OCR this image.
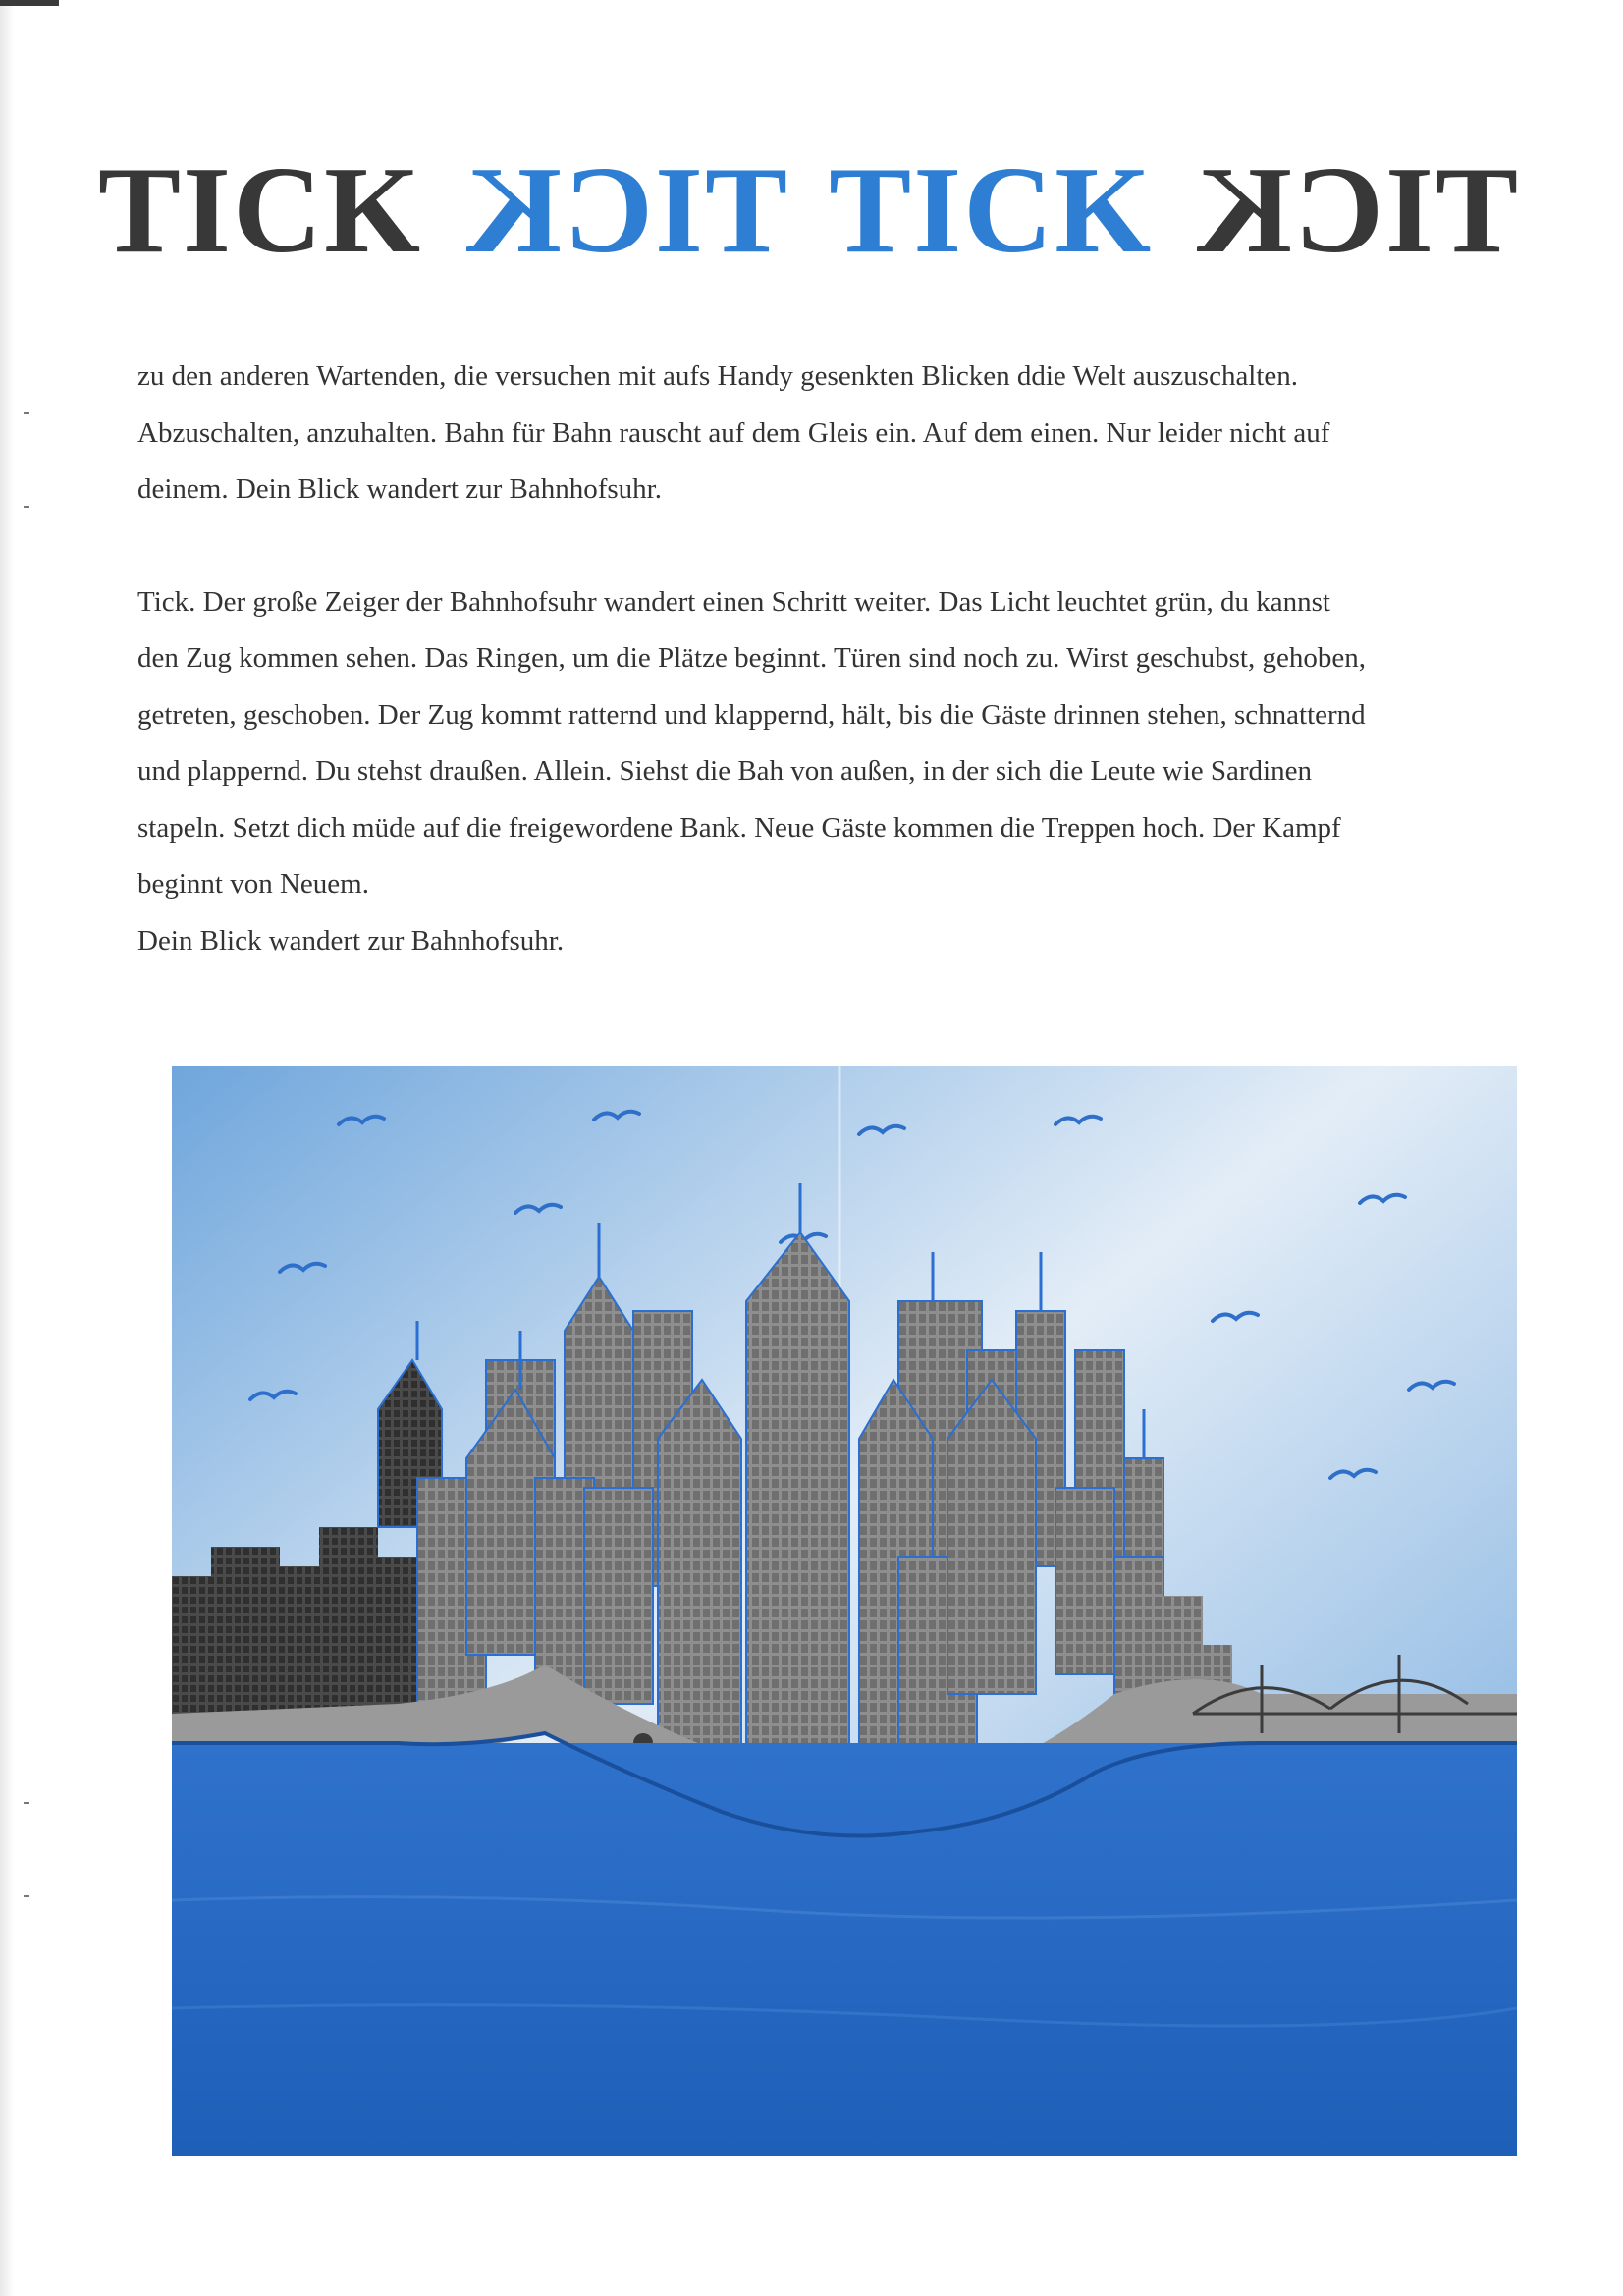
TICK TICK TICK TICK

zu den anderen Wartenden, die versuchen mit aufs Handy gesenkten Blicken ddie Welt auszuschalten.

Abzuschalten, anzuhalten. Bahn für Bahn rauscht auf dem Gleis ein. Auf dem einen. Nur leider nicht auf

deinem. Dein Blick wandert zur Bahnhofsuhr.

Tick. Der große Zeiger der Bahnhofsuhr wandert einen Schritt weiter. Das Licht leuchtet grün, du kannst

den Zug kommen sehen. Das Ringen, um die Plätze beginnt. Türen sind noch zu. Wirst geschubst, gehoben,

getreten, geschoben. Der Zug kommt ratternd und klappernd, hält, bis die Gäste drinnen stehen, schnatternd

und plappernd. Du stehst draußen. Allein. Siehst die Bah von außen, in der sich die Leute wie Sardinen

stapeln. Setzt dich müde auf die freigewordene Bank. Neue Gäste kommen die Treppen hoch. Der Kampf

beginnt von Neuem.

Dein Blick wandert zur Bahnhofsuhr.
